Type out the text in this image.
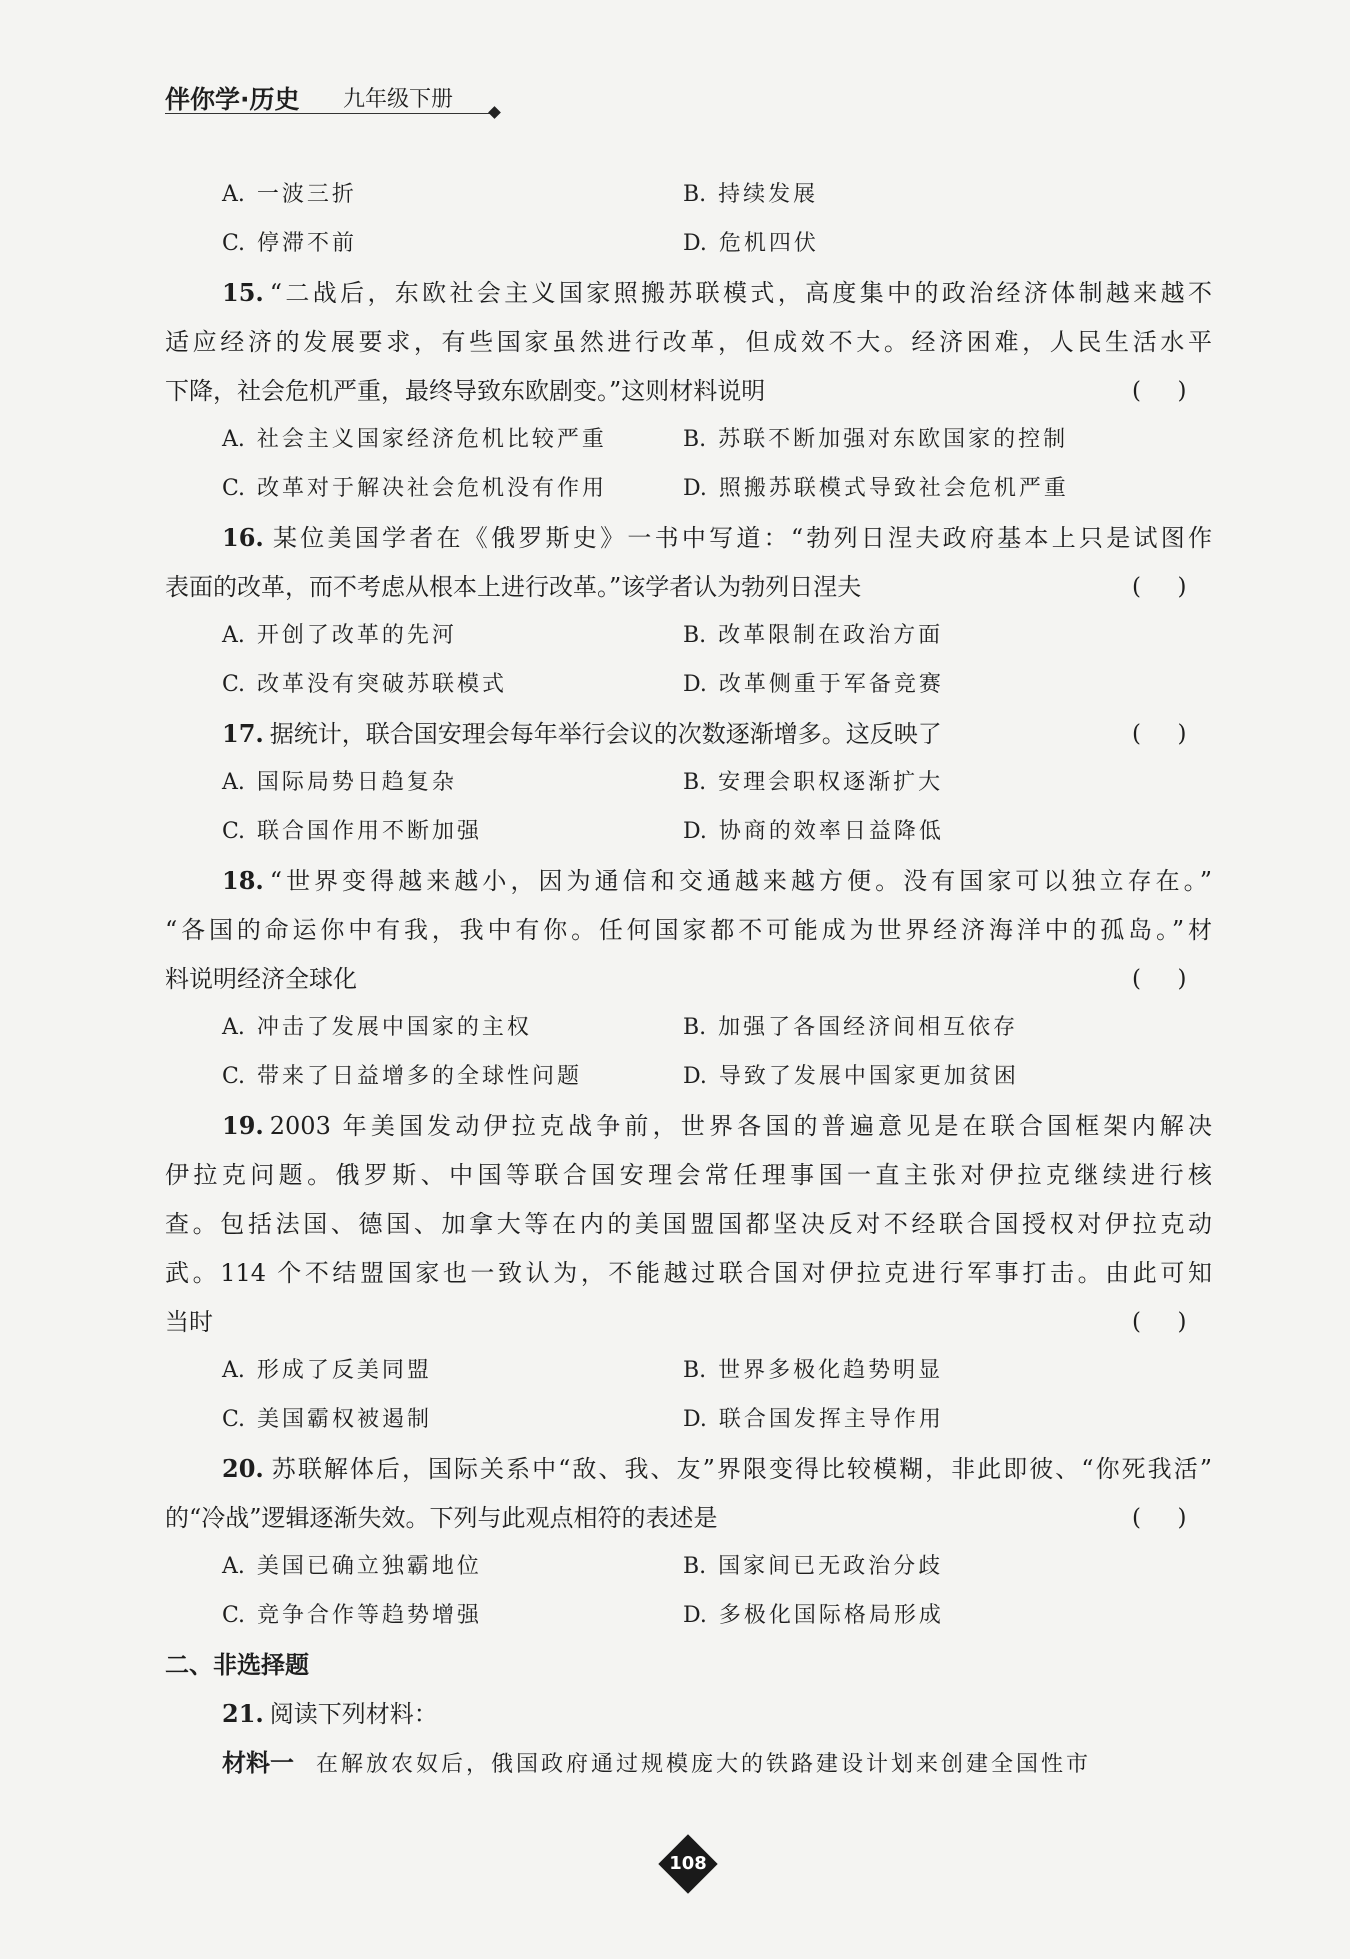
伴你学·历史 九年级下册
A. 一波三折	B. 持续发展
C. 停滞不前	D. 危机四伏
15. “二战后，东欧社会主义国家照搬苏联模式，高度集中的政治经济体制越来越不
适应经济的发展要求，有些国家虽然进行改革，但成效不大。经济困难，人民生活水平
下降，社会危机严重，最终导致东欧剧变。”这则材料说明	(     )
A. 社会主义国家经济危机比较严重	B. 苏联不断加强对东欧国家的控制
C. 改革对于解决社会危机没有作用	D. 照搬苏联模式导致社会危机严重
16. 某位美国学者在《俄罗斯史》一书中写道：“勃列日涅夫政府基本上只是试图作
表面的改革，而不考虑从根本上进行改革。”该学者认为勃列日涅夫	(     )
A. 开创了改革的先河	B. 改革限制在政治方面
C. 改革没有突破苏联模式	D. 改革侧重于军备竞赛
17. 据统计，联合国安理会每年举行会议的次数逐渐增多。这反映了	(     )
A. 国际局势日趋复杂	B. 安理会职权逐渐扩大
C. 联合国作用不断加强	D. 协商的效率日益降低
18. “世界变得越来越小，因为通信和交通越来越方便。没有国家可以独立存在。”
“各国的命运你中有我，我中有你。任何国家都不可能成为世界经济海洋中的孤岛。”材
料说明经济全球化	(     )
A. 冲击了发展中国家的主权	B. 加强了各国经济间相互依存
C. 带来了日益增多的全球性问题	D. 导致了发展中国家更加贫困
19. 2003 年美国发动伊拉克战争前，世界各国的普遍意见是在联合国框架内解决
伊拉克问题。俄罗斯、中国等联合国安理会常任理事国一直主张对伊拉克继续进行核
查。包括法国、德国、加拿大等在内的美国盟国都坚决反对不经联合国授权对伊拉克动
武。114 个不结盟国家也一致认为，不能越过联合国对伊拉克进行军事打击。由此可知
当时	(     )
A. 形成了反美同盟	B. 世界多极化趋势明显
C. 美国霸权被遏制	D. 联合国发挥主导作用
20. 苏联解体后，国际关系中“敌、我、友”界限变得比较模糊，非此即彼、“你死我活”
的“冷战”逻辑逐渐失效。下列与此观点相符的表述是	(     )
A. 美国已确立独霸地位	B. 国家间已无政治分歧
C. 竞争合作等趋势增强	D. 多极化国际格局形成
二、非选择题
21. 阅读下列材料：
材料一 在解放农奴后，俄国政府通过规模庞大的铁路建设计划来创建全国性市
108
